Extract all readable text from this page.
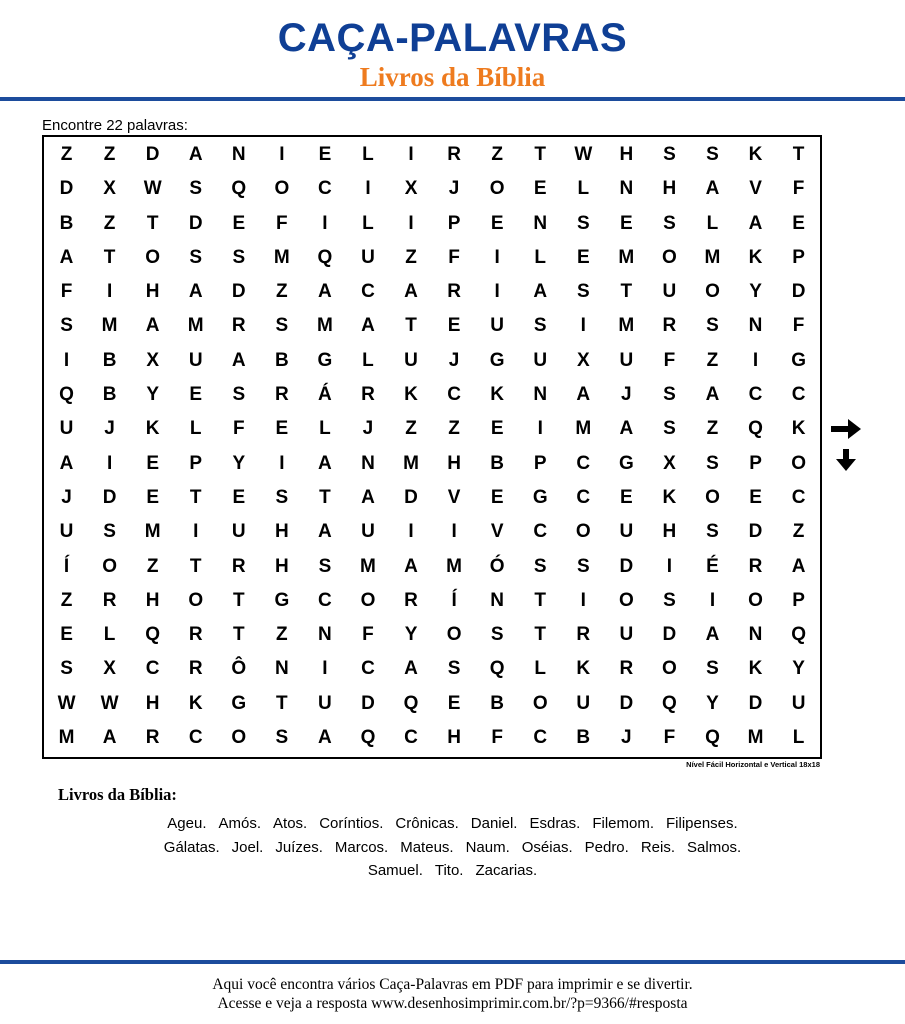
CAÇA-PALAVRAS
Livros da Bíblia
Encontre 22 palavras:
Z	Z	D	A	N	I	E	L	I	R	Z	T	W	H	S	S	K	T
D	X	W	S	Q	O	C	I	X	J	O	E	L	N	H	A	V	F
B	Z	T	D	E	F	I	L	I	P	E	N	S	E	S	L	A	E
A	T	O	S	S	M	Q	U	Z	F	I	L	E	M	O	M	K	P
F	I	H	A	D	Z	A	C	A	R	I	A	S	T	U	O	Y	D
S	M	A	M	R	S	M	A	T	E	U	S	I	M	R	S	N	F
I	B	X	U	A	B	G	L	U	J	G	U	X	U	F	Z	I	G
Q	B	Y	E	S	R	Á	R	K	C	K	N	A	J	S	A	C	C
U	J	K	L	F	E	L	J	Z	Z	E	I	M	A	S	Z	Q	K
A	I	E	P	Y	I	A	N	M	H	B	P	C	G	X	S	P	O
J	D	E	T	E	S	T	A	D	V	E	G	C	E	K	O	E	C
U	S	M	I	U	H	A	U	I	I	V	C	O	U	H	S	D	Z
Í	O	Z	T	R	H	S	M	A	M	Ó	S	S	D	I	É	R	A
Z	R	H	O	T	G	C	O	R	Í	N	T	I	O	S	I	O	P
E	L	Q	R	T	Z	N	F	Y	O	S	T	R	U	D	A	N	Q
S	X	C	R	Ô	N	I	C	A	S	Q	L	K	R	O	S	K	Y
W	W	H	K	G	T	U	D	Q	E	B	O	U	D	Q	Y	D	U
M	A	R	C	O	S	A	Q	C	H	F	C	B	J	F	Q	M	L
Nível Fácil Horizontal e Vertical 18x18
Livros da Bíblia:
Ageu. Amós. Atos. Coríntios. Crônicas. Daniel. Esdras. Filemom. Filipenses.
Gálatas. Joel. Juízes. Marcos. Mateus. Naum. Oséias. Pedro. Reis. Salmos.
Samuel. Tito. Zacarias.
Aqui você encontra vários Caça-Palavras em PDF para imprimir e se divertir.
Acesse e veja a resposta www.desenhosimprimir.com.br/?p=9366/#resposta
